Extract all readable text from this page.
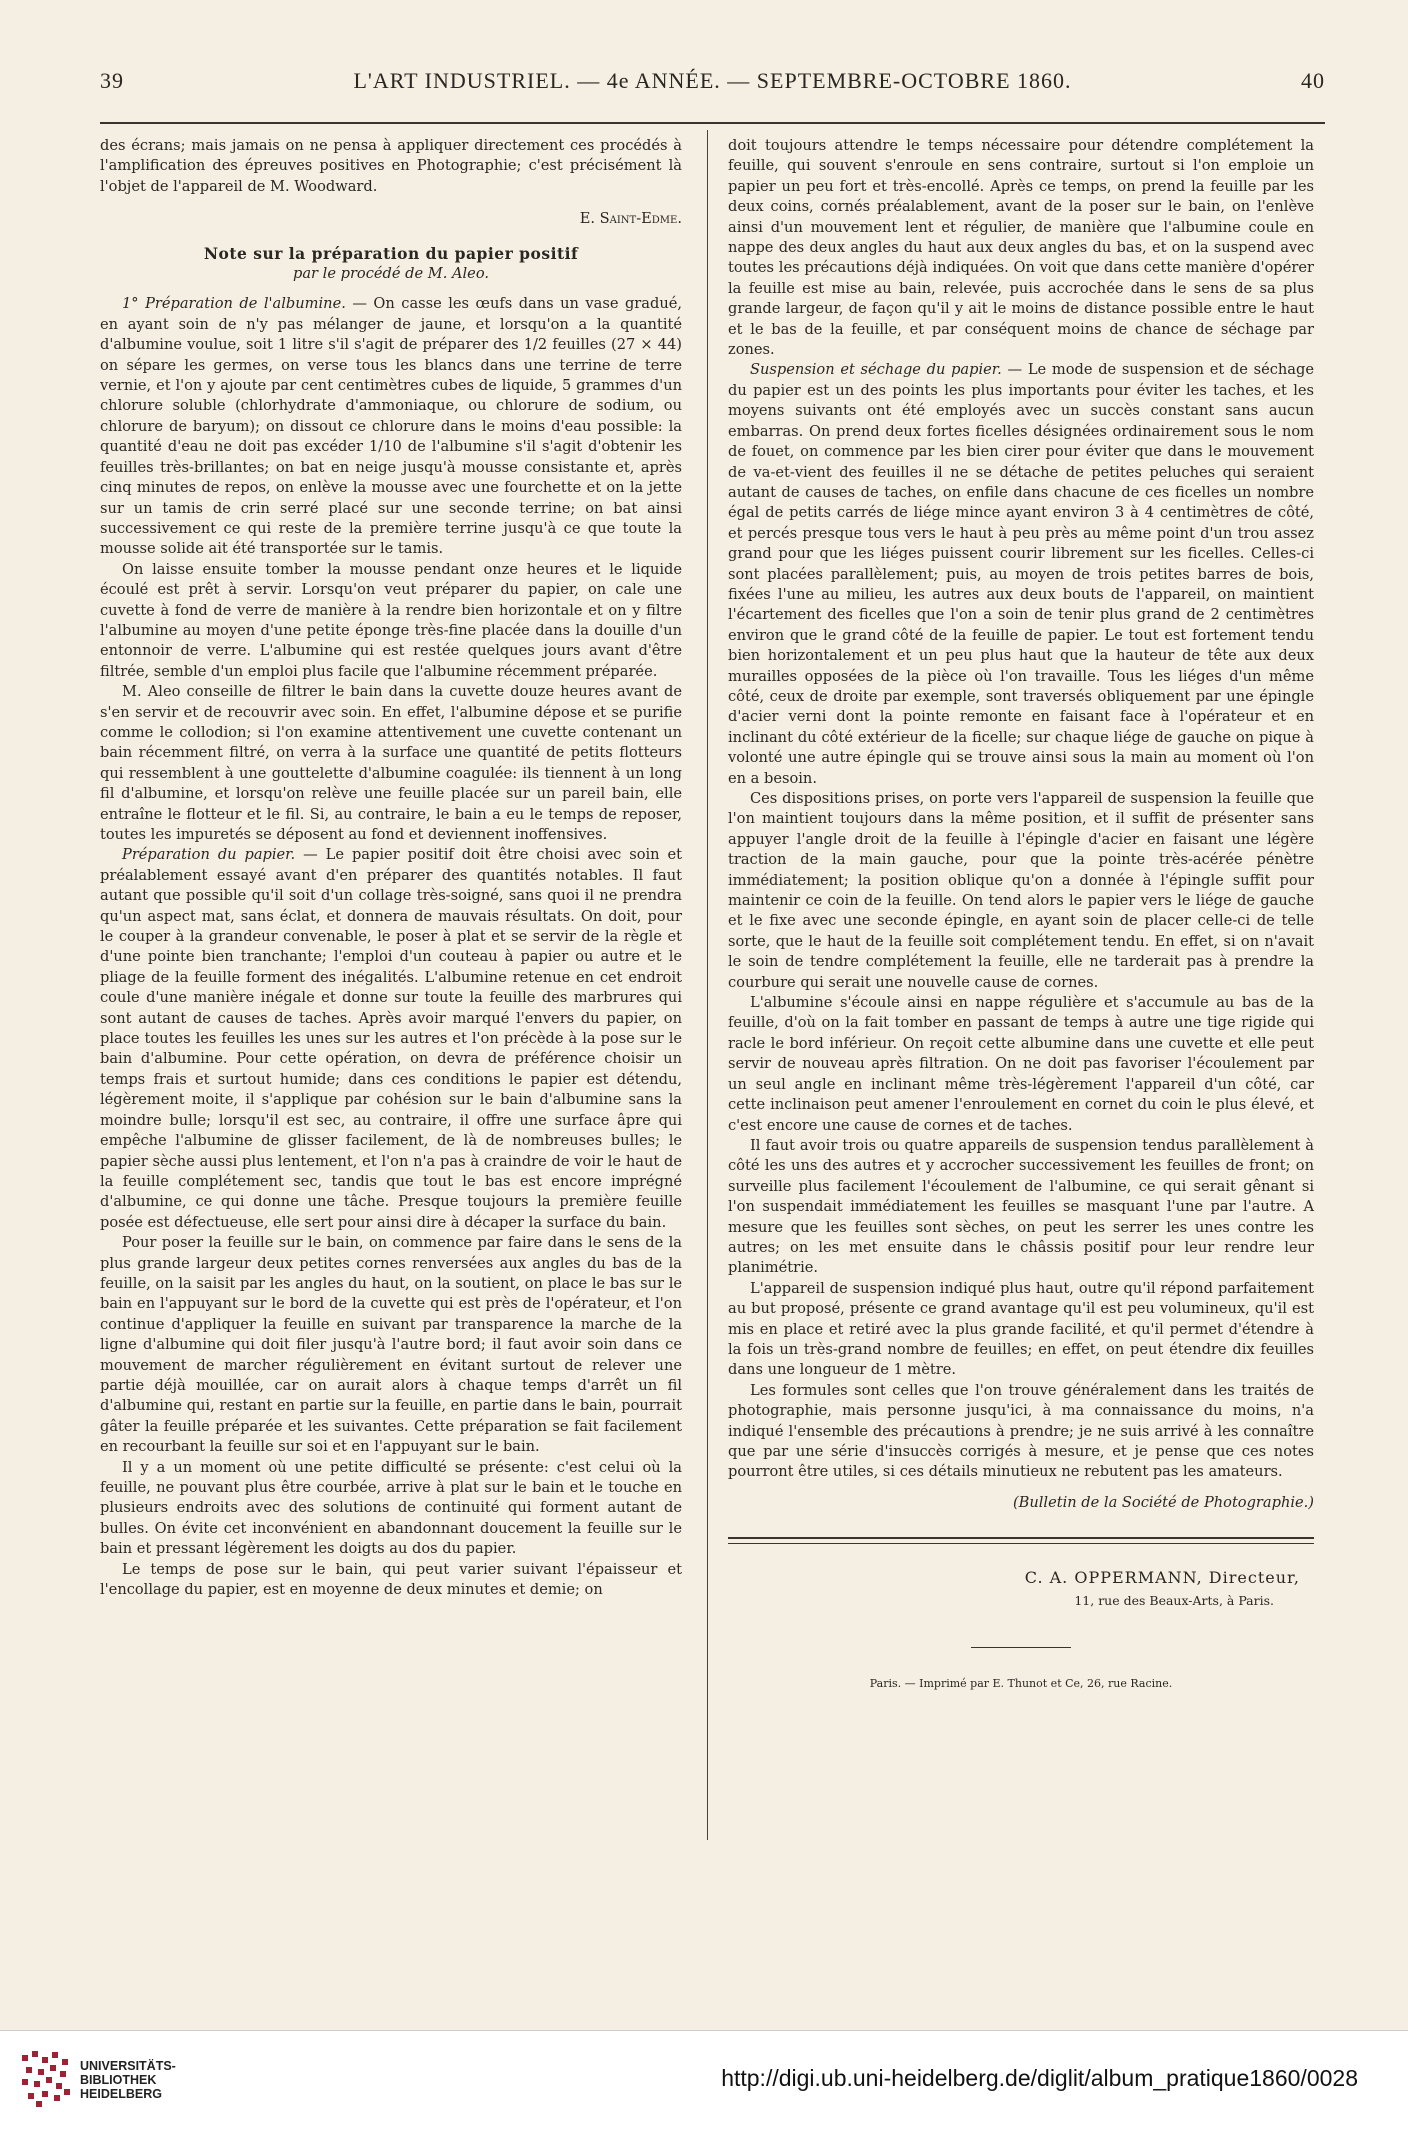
39	L'ART INDUSTRIEL. — 4e ANNÉE. — SEPTEMBRE-OCTOBRE 1860.	40

des écrans; mais jamais on ne pensa à appliquer directement ces procédés à l'amplification des épreuves positives en Photographie; c'est précisément là l'objet de l'appareil de M. Woodward.

E. Saint-Edme.
Note sur la préparation du papier positif
par le procédé de M. Aleo.

1° Préparation de l'albumine. — On casse les œufs dans un vase gradué, en ayant soin de n'y pas mélanger de jaune, et lorsqu'on a la quantité d'albumine voulue, soit 1 litre s'il s'agit de préparer des 1/2 feuilles (27 × 44) on sépare les germes, on verse tous les blancs dans une terrine de terre vernie, et l'on y ajoute par cent centimètres cubes de liquide, 5 grammes d'un chlorure soluble (chlorhydrate d'ammoniaque, ou chlorure de sodium, ou chlorure de baryum); on dissout ce chlorure dans le moins d'eau possible: la quantité d'eau ne doit pas excéder 1/10 de l'albumine s'il s'agit d'obtenir les feuilles très-brillantes; on bat en neige jusqu'à mousse consistante et, après cinq minutes de repos, on enlève la mousse avec une fourchette et on la jette sur un tamis de crin serré placé sur une seconde terrine; on bat ainsi successivement ce qui reste de la première terrine jusqu'à ce que toute la mousse solide ait été transportée sur le tamis.

On laisse ensuite tomber la mousse pendant onze heures et le liquide écoulé est prêt à servir. Lorsqu'on veut préparer du papier, on cale une cuvette à fond de verre de manière à la rendre bien horizontale et on y filtre l'albumine au moyen d'une petite éponge très-fine placée dans la douille d'un entonnoir de verre. L'albumine qui est restée quelques jours avant d'être filtrée, semble d'un emploi plus facile que l'albumine récemment préparée.

M. Aleo conseille de filtrer le bain dans la cuvette douze heures avant de s'en servir et de recouvrir avec soin. En effet, l'albumine dépose et se purifie comme le collodion; si l'on examine attentivement une cuvette contenant un bain récemment filtré, on verra à la surface une quantité de petits flotteurs qui ressemblent à une gouttelette d'albumine coagulée: ils tiennent à un long fil d'albumine, et lorsqu'on relève une feuille placée sur un pareil bain, elle entraîne le flotteur et le fil. Si, au contraire, le bain a eu le temps de reposer, toutes les impuretés se déposent au fond et deviennent inoffensives.

Préparation du papier. — Le papier positif doit être choisi avec soin et préalablement essayé avant d'en préparer des quantités notables. Il faut autant que possible qu'il soit d'un collage très-soigné, sans quoi il ne prendra qu'un aspect mat, sans éclat, et donnera de mauvais résultats. On doit, pour le couper à la grandeur convenable, le poser à plat et se servir de la règle et d'une pointe bien tranchante; l'emploi d'un couteau à papier ou autre et le pliage de la feuille forment des inégalités. L'albumine retenue en cet endroit coule d'une manière inégale et donne sur toute la feuille des marbrures qui sont autant de causes de taches. Après avoir marqué l'envers du papier, on place toutes les feuilles les unes sur les autres et l'on précède à la pose sur le bain d'albumine. Pour cette opération, on devra de préférence choisir un temps frais et surtout humide; dans ces conditions le papier est détendu, légèrement moite, il s'applique par cohésion sur le bain d'albumine sans la moindre bulle; lorsqu'il est sec, au contraire, il offre une surface âpre qui empêche l'albumine de glisser facilement, de là de nombreuses bulles; le papier sèche aussi plus lentement, et l'on n'a pas à craindre de voir le haut de la feuille complétement sec, tandis que tout le bas est encore imprégné d'albumine, ce qui donne une tâche. Presque toujours la première feuille posée est défectueuse, elle sert pour ainsi dire à décaper la surface du bain.

Pour poser la feuille sur le bain, on commence par faire dans le sens de la plus grande largeur deux petites cornes renversées aux angles du bas de la feuille, on la saisit par les angles du haut, on la soutient, on place le bas sur le bain en l'appuyant sur le bord de la cuvette qui est près de l'opérateur, et l'on continue d'appliquer la feuille en suivant par transparence la marche de la ligne d'albumine qui doit filer jusqu'à l'autre bord; il faut avoir soin dans ce mouvement de marcher régulièrement en évitant surtout de relever une partie déjà mouillée, car on aurait alors à chaque temps d'arrêt un fil d'albumine qui, restant en partie sur la feuille, en partie dans le bain, pourrait gâter la feuille préparée et les suivantes. Cette préparation se fait facilement en recourbant la feuille sur soi et en l'appuyant sur le bain.

Il y a un moment où une petite difficulté se présente: c'est celui où la feuille, ne pouvant plus être courbée, arrive à plat sur le bain et le touche en plusieurs endroits avec des solutions de continuité qui forment autant de bulles. On évite cet inconvénient en abandonnant doucement la feuille sur le bain et pressant légèrement les doigts au dos du papier.

Le temps de pose sur le bain, qui peut varier suivant l'épaisseur et l'encollage du papier, est en moyenne de deux minutes et demie; on

doit toujours attendre le temps nécessaire pour détendre complétement la feuille, qui souvent s'enroule en sens contraire, surtout si l'on emploie un papier un peu fort et très-encollé. Après ce temps, on prend la feuille par les deux coins, cornés préalablement, avant de la poser sur le bain, on l'enlève ainsi d'un mouvement lent et régulier, de manière que l'albumine coule en nappe des deux angles du haut aux deux angles du bas, et on la suspend avec toutes les précautions déjà indiquées. On voit que dans cette manière d'opérer la feuille est mise au bain, relevée, puis accrochée dans le sens de sa plus grande largeur, de façon qu'il y ait le moins de distance possible entre le haut et le bas de la feuille, et par conséquent moins de chance de séchage par zones.

Suspension et séchage du papier. — Le mode de suspension et de séchage du papier est un des points les plus importants pour éviter les taches, et les moyens suivants ont été employés avec un succès constant sans aucun embarras. On prend deux fortes ficelles désignées ordinairement sous le nom de fouet, on commence par les bien cirer pour éviter que dans le mouvement de va-et-vient des feuilles il ne se détache de petites peluches qui seraient autant de causes de taches, on enfile dans chacune de ces ficelles un nombre égal de petits carrés de liége mince ayant environ 3 à 4 centimètres de côté, et percés presque tous vers le haut à peu près au même point d'un trou assez grand pour que les liéges puissent courir librement sur les ficelles. Celles-ci sont placées parallèlement; puis, au moyen de trois petites barres de bois, fixées l'une au milieu, les autres aux deux bouts de l'appareil, on maintient l'écartement des ficelles que l'on a soin de tenir plus grand de 2 centimètres environ que le grand côté de la feuille de papier. Le tout est fortement tendu bien horizontalement et un peu plus haut que la hauteur de tête aux deux murailles opposées de la pièce où l'on travaille. Tous les liéges d'un même côté, ceux de droite par exemple, sont traversés obliquement par une épingle d'acier verni dont la pointe remonte en faisant face à l'opérateur et en inclinant du côté extérieur de la ficelle; sur chaque liége de gauche on pique à volonté une autre épingle qui se trouve ainsi sous la main au moment où l'on en a besoin.

Ces dispositions prises, on porte vers l'appareil de suspension la feuille que l'on maintient toujours dans la même position, et il suffit de présenter sans appuyer l'angle droit de la feuille à l'épingle d'acier en faisant une légère traction de la main gauche, pour que la pointe très-acérée pénètre immédiatement; la position oblique qu'on a donnée à l'épingle suffit pour maintenir ce coin de la feuille. On tend alors le papier vers le liége de gauche et le fixe avec une seconde épingle, en ayant soin de placer celle-ci de telle sorte, que le haut de la feuille soit complétement tendu. En effet, si on n'avait le soin de tendre complétement la feuille, elle ne tarderait pas à prendre la courbure qui serait une nouvelle cause de cornes.

L'albumine s'écoule ainsi en nappe régulière et s'accumule au bas de la feuille, d'où on la fait tomber en passant de temps à autre une tige rigide qui racle le bord inférieur. On reçoit cette albumine dans une cuvette et elle peut servir de nouveau après filtration. On ne doit pas favoriser l'écoulement par un seul angle en inclinant même très-légèrement l'appareil d'un côté, car cette inclinaison peut amener l'enroulement en cornet du coin le plus élevé, et c'est encore une cause de cornes et de taches.

Il faut avoir trois ou quatre appareils de suspension tendus parallèlement à côté les uns des autres et y accrocher successivement les feuilles de front; on surveille plus facilement l'écoulement de l'albumine, ce qui serait gênant si l'on suspendait immédiatement les feuilles se masquant l'une par l'autre. A mesure que les feuilles sont sèches, on peut les serrer les unes contre les autres; on les met ensuite dans le châssis positif pour leur rendre leur planimétrie.

L'appareil de suspension indiqué plus haut, outre qu'il répond parfaitement au but proposé, présente ce grand avantage qu'il est peu volumineux, qu'il est mis en place et retiré avec la plus grande facilité, et qu'il permet d'étendre à la fois un très-grand nombre de feuilles; en effet, on peut étendre dix feuilles dans une longueur de 1 mètre.

Les formules sont celles que l'on trouve généralement dans les traités de photographie, mais personne jusqu'ici, à ma connaissance du moins, n'a indiqué l'ensemble des précautions à prendre; je ne suis arrivé à les connaître que par une série d'insuccès corrigés à mesure, et je pense que ces notes pourront être utiles, si ces détails minutieux ne rebutent pas les amateurs.

(Bulletin de la Société de Photographie.)
C. A. OPPERMANN, Directeur,
11, rue des Beaux-Arts, à Paris.
Paris. — Imprimé par E. Thunot et Ce, 26, rue Racine.
UNIVERSITÄTS-
BIBLIOTHEK
HEIDELBERG
http://digi.ub.uni-heidelberg.de/diglit/album_pratique1860/0028
